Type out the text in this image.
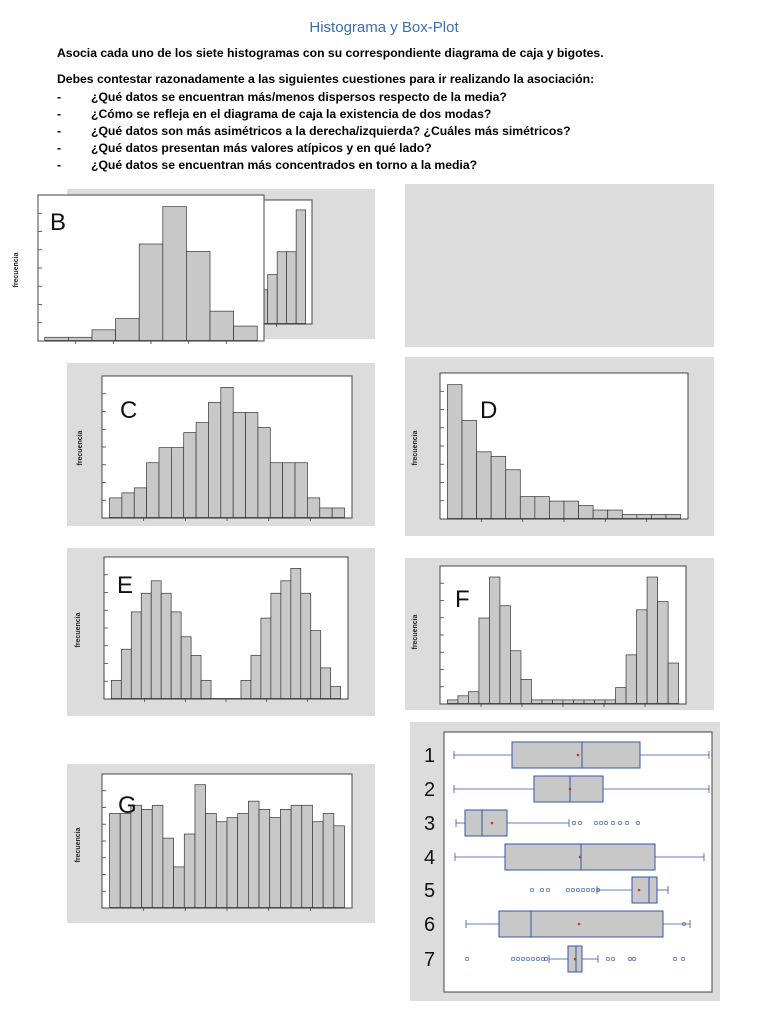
Histograma y Box-Plot
Asocia cada uno de los siete histogramas con su correspondiente diagrama de caja y bigotes.
Debes contestar razonadamente a las siguientes cuestiones para ir realizando la asociación:
- ¿Qué datos se encuentran más/menos dispersos respecto de la media?
- ¿Cómo se refleja en el diagrama de caja la existencia de dos modas?
- ¿Qué datos son más asimétricos a la derecha/izquierda? ¿Cuáles más simétricos?
- ¿Qué datos presentan más valores atípicos y en qué lado?
- ¿Qué datos se encuentran más concentrados en torno a la media?
frecuencia
B
frecuencia
C
frecuencia
D
frecuencia
E
frecuencia
F
frecuencia
G
1
2
3
4
5
6
7
